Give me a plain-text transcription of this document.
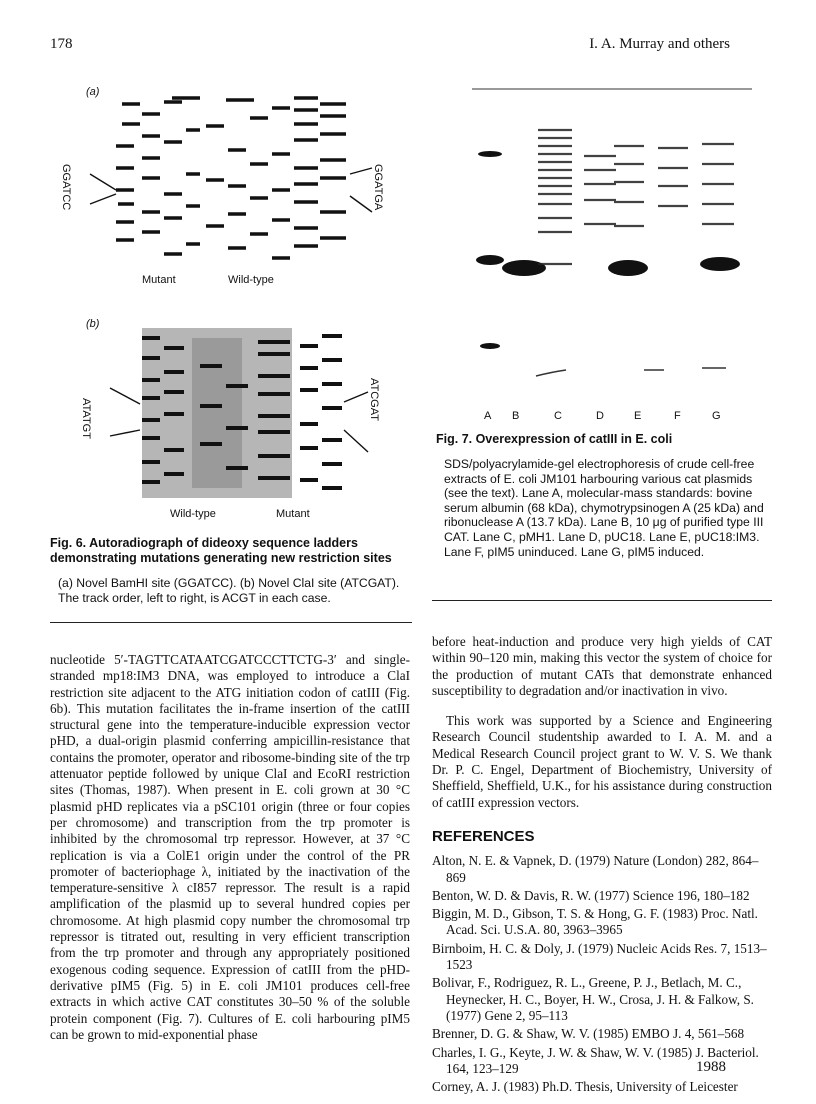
178	I. A. Murray and others
(a)
GGATCC	GGATGA
Mutant	Wild-type
(b)
ATATGT	ATCGAT
Wild-type	Mutant
Fig. 6. Autoradiograph of dideoxy sequence ladders demonstrating mutations generating new restriction sites
(a) Novel BamHI site (GGATCC). (b) Novel ClaI site (ATCGAT). The track order, left to right, is ACGT in each case.
A B	C	D	E	F	G
Fig. 7. Overexpression of catIII in E. coli
SDS/polyacrylamide-gel electrophoresis of crude cell-free extracts of E. coli JM101 harbouring various cat plasmids (see the text). Lane A, molecular-mass standards: bovine serum albumin (68 kDa), chymotrypsinogen A (25 kDa) and ribonuclease A (13.7 kDa). Lane B, 10 μg of purified type III CAT. Lane C, pMH1. Lane D, pUC18. Lane E, pUC18:IM3. Lane F, pIM5 uninduced. Lane G, pIM5 induced.

nucleotide 5′-TAGTTCATAATCGATCCCTTCTG-3′ and single-stranded mp18:IM3 DNA, was employed to introduce a ClaI restriction site adjacent to the ATG initiation codon of catIII (Fig. 6b). This mutation facilitates the in-frame insertion of the catIII structural gene into the temperature-inducible expression vector pHD, a dual-origin plasmid conferring ampicillin-resistance that contains the promoter, operator and ribosome-binding site of the trp attenuator peptide followed by unique ClaI and EcoRI restriction sites (Thomas, 1987). When present in E. coli grown at 30 °C plasmid pHD replicates via a pSC101 origin (three or four copies per chromosome) and transcription from the trp promoter is inhibited by the chromosomal trp repressor. However, at 37 °C replication is via a ColE1 origin under the control of the PR promoter of bacteriophage λ, initiated by the inactivation of the temperature-sensitive λ cI857 repressor. The result is a rapid amplification of the plasmid up to several hundred copies per chromosome. At high plasmid copy number the chromosomal trp repressor is titrated out, resulting in very efficient transcription from the trp promoter and through any appropriately positioned exogenous coding sequence. Expression of catIII from the pHD-derivative pIM5 (Fig. 5) in E. coli JM101 produces cell-free extracts in which active CAT constitutes 30–50 % of the soluble protein component (Fig. 7). Cultures of E. coli harbouring pIM5 can be grown to mid-exponential phase

before heat-induction and produce very high yields of CAT within 90–120 min, making this vector the system of choice for the production of mutant CATs that demonstrate enhanced susceptibility to degradation and/or inactivation in vivo.

This work was supported by a Science and Engineering Research Council studentship awarded to I. A. M. and a Medical Research Council project grant to W. V. S. We thank Dr. P. C. Engel, Department of Biochemistry, University of Sheffield, Sheffield, U.K., for his assistance during construction of catIII expression vectors.

REFERENCES

Alton, N. E. & Vapnek, D. (1979) Nature (London) 282, 864–869

Benton, W. D. & Davis, R. W. (1977) Science 196, 180–182

Biggin, M. D., Gibson, T. S. & Hong, G. F. (1983) Proc. Natl. Acad. Sci. U.S.A. 80, 3963–3965

Birnboim, H. C. & Doly, J. (1979) Nucleic Acids Res. 7, 1513–1523

Bolivar, F., Rodriguez, R. L., Greene, P. J., Betlach, M. C., Heynecker, H. C., Boyer, H. W., Crosa, J. H. & Falkow, S. (1977) Gene 2, 95–113

Brenner, D. G. & Shaw, W. V. (1985) EMBO J. 4, 561–568

Charles, I. G., Keyte, J. W. & Shaw, W. V. (1985) J. Bacteriol. 164, 123–129

Corney, A. J. (1983) Ph.D. Thesis, University of Leicester

1988
